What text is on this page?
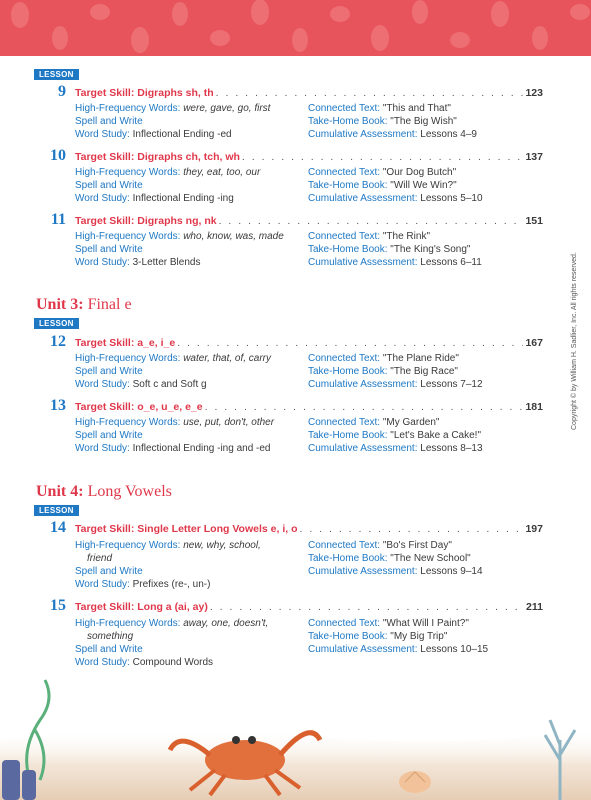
LESSON
9 Target Skill: Digraphs sh, th . . .	123
High-Frequency Words: were, gave, go, first
Spell and Write
Word Study: Inflectional Ending -ed
Connected Text: "This and That"
Take-Home Book: "The Big Wish"
Cumulative Assessment: Lessons 4–9
10 Target Skill: Digraphs ch, tch, wh . . .	137
High-Frequency Words: they, eat, too, our
Spell and Write
Word Study: Inflectional Ending -ing
Connected Text: "Our Dog Butch"
Take-Home Book: "Will We Win?"
Cumulative Assessment: Lessons 5–10
11 Target Skill: Digraphs ng, nk . . .	151
High-Frequency Words: who, know, was, made
Spell and Write
Word Study: 3-Letter Blends
Connected Text: "The Rink"
Take-Home Book: "The King's Song"
Cumulative Assessment: Lessons 6–11
Unit 3: Final e
LESSON
12 Target Skill: a_e, i_e . . .	167
High-Frequency Words: water, that, of, carry
Spell and Write
Word Study: Soft c and Soft g
Connected Text: "The Plane Ride"
Take-Home Book: "The Big Race"
Cumulative Assessment: Lessons 7–12
13 Target Skill: o_e, u_e, e_e . . .	181
High-Frequency Words: use, put, don't, other
Spell and Write
Word Study: Inflectional Ending -ing and -ed
Connected Text: "My Garden"
Take-Home Book: "Let's Bake a Cake!"
Cumulative Assessment: Lessons 8–13
Unit 4: Long Vowels
LESSON
14 Target Skill: Single Letter Long Vowels e, i, o . . .	197
High-Frequency Words: new, why, school,
friend
Spell and Write
Word Study: Prefixes (re-, un-)
Connected Text: "Bo's First Day"
Take-Home Book: "The New School"
Cumulative Assessment: Lessons 9–14
15 Target Skill: Long a (ai, ay) . . .	211
High-Frequency Words: away, one, doesn't,
something
Spell and Write
Word Study: Compound Words
Connected Text: "What Will I Paint?"
Take-Home Book: "My Big Trip"
Cumulative Assessment: Lessons 10–15
Copyright © by William H. Sadlier, Inc. All rights reserved.
